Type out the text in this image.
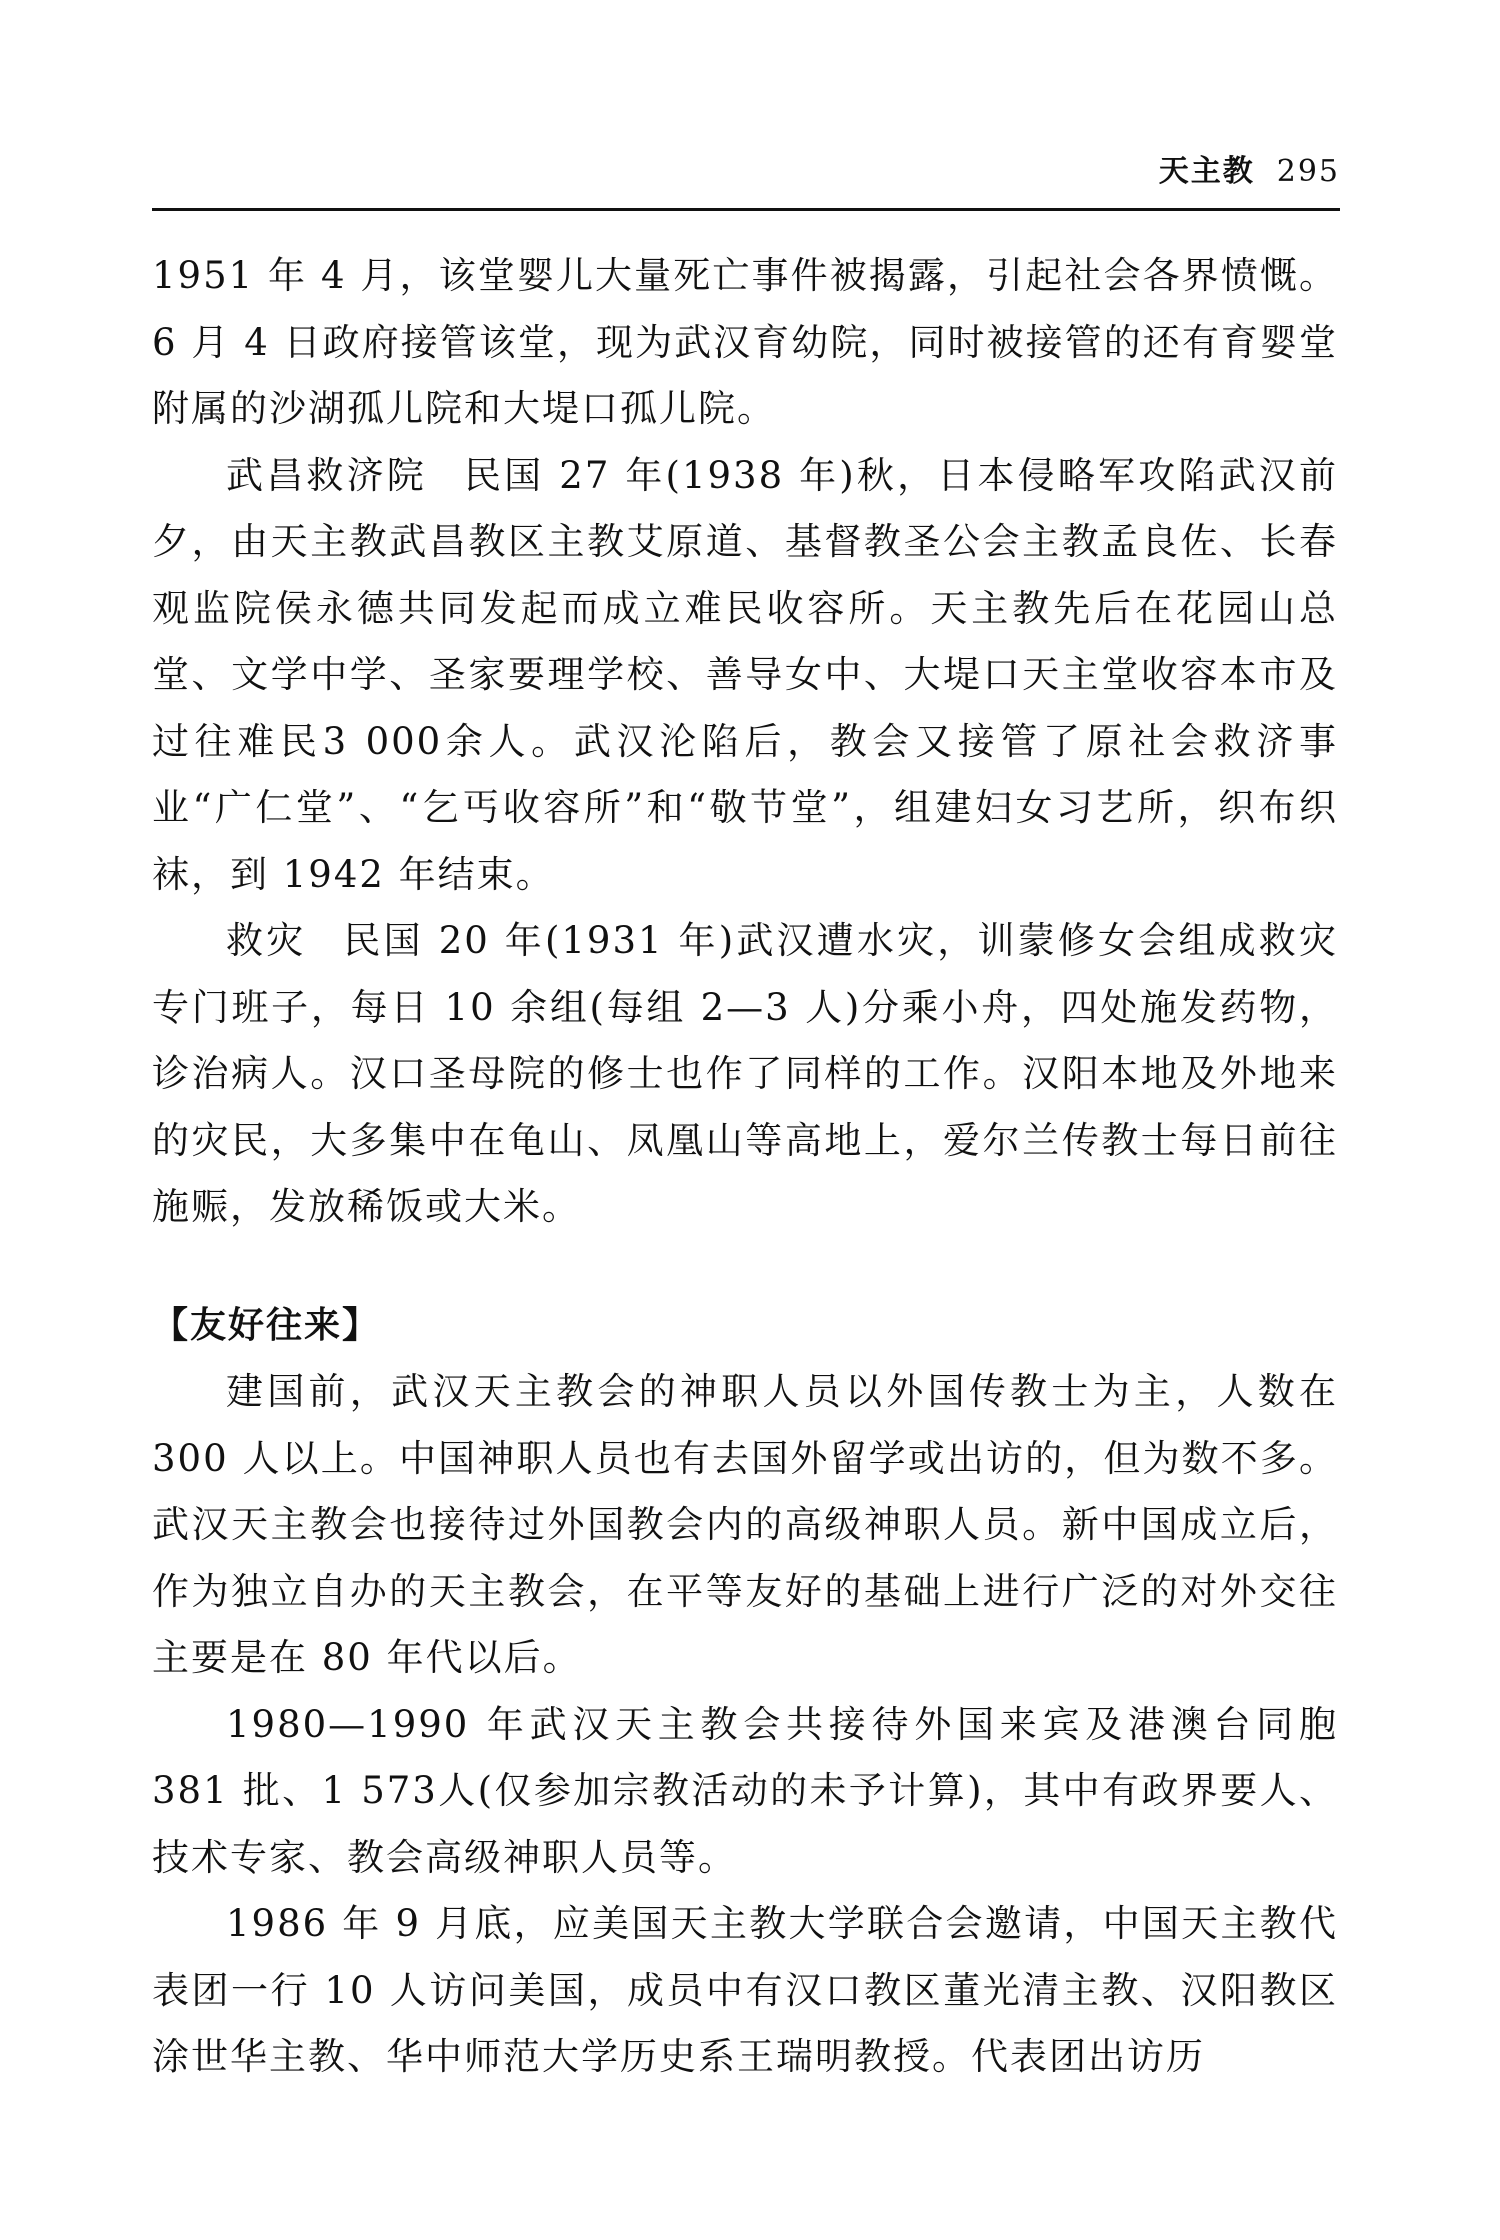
天主教 295

1951 年 4 月，该堂婴儿大量死亡事件被揭露，引起社会各界愤慨。6 月 4 日政府接管该堂，现为武汉育幼院，同时被接管的还有育婴堂附属的沙湖孤儿院和大堤口孤儿院。

武昌救济院 民国 27 年(1938 年)秋，日本侵略军攻陷武汉前夕，由天主教武昌教区主教艾原道、基督教圣公会主教孟良佐、长春观监院侯永德共同发起而成立难民收容所。天主教先后在花园山总堂、文学中学、圣家要理学校、善导女中、大堤口天主堂收容本市及过往难民3 000余人。武汉沦陷后，教会又接管了原社会救济事业“广仁堂”、“乞丐收容所”和“敬节堂”，组建妇女习艺所，织布织袜，到 1942 年结束。

救灾 民国 20 年(1931 年)武汉遭水灾，训蒙修女会组成救灾专门班子，每日 10 余组(每组 2—3 人)分乘小舟，四处施发药物，诊治病人。汉口圣母院的修士也作了同样的工作。汉阳本地及外地来的灾民，大多集中在龟山、凤凰山等高地上，爱尔兰传教士每日前往施赈，发放稀饭或大米。

【友好往来】

建国前，武汉天主教会的神职人员以外国传教士为主，人数在 300 人以上。中国神职人员也有去国外留学或出访的，但为数不多。武汉天主教会也接待过外国教会内的高级神职人员。新中国成立后，作为独立自办的天主教会，在平等友好的基础上进行广泛的对外交往主要是在 80 年代以后。

1980—1990 年武汉天主教会共接待外国来宾及港澳台同胞 381 批、1 573人(仅参加宗教活动的未予计算)，其中有政界要人、技术专家、教会高级神职人员等。

1986 年 9 月底，应美国天主教大学联合会邀请，中国天主教代表团一行 10 人访问美国，成员中有汉口教区董光清主教、汉阳教区涂世华主教、华中师范大学历史系王瑞明教授。代表团出访历
